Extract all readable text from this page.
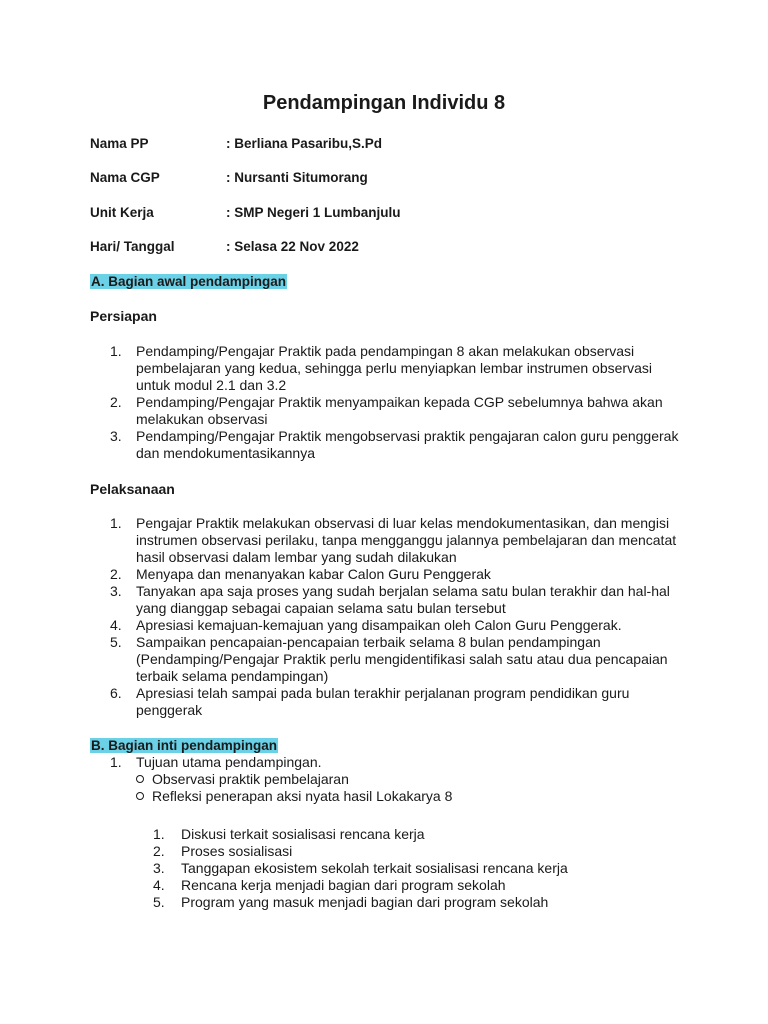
Pendampingan Individu 8
Nama PP	: Berliana Pasaribu,S.Pd
Nama CGP	: Nursanti Situmorang
Unit Kerja	: SMP Negeri 1 Lumbanjulu
Hari/ Tanggal	: Selasa 22 Nov 2022
A. Bagian awal pendampingan
Persiapan
1. Pendamping/Pengajar Praktik pada pendampingan 8 akan melakukan observasi pembelajaran yang kedua, sehingga perlu menyiapkan lembar instrumen observasi untuk modul 2.1 dan 3.2
2. Pendamping/Pengajar Praktik menyampaikan kepada CGP sebelumnya bahwa akan melakukan observasi
3. Pendamping/Pengajar Praktik mengobservasi praktik pengajaran calon guru penggerak dan mendokumentasikannya
Pelaksanaan
1. Pengajar Praktik melakukan observasi di luar kelas mendokumentasikan, dan mengisi instrumen observasi perilaku, tanpa mengganggu jalannya pembelajaran dan mencatat hasil observasi dalam lembar yang sudah dilakukan
2. Menyapa dan menanyakan kabar Calon Guru Penggerak
3. Tanyakan apa saja proses yang sudah berjalan selama satu bulan terakhir dan hal-hal yang dianggap sebagai capaian selama satu bulan tersebut
4. Apresiasi kemajuan-kemajuan yang disampaikan oleh Calon Guru Penggerak.
5. Sampaikan pencapaian-pencapaian terbaik selama 8 bulan pendampingan (Pendamping/Pengajar Praktik perlu mengidentifikasi salah satu atau dua pencapaian terbaik selama pendampingan)
6. Apresiasi telah sampai pada bulan terakhir perjalanan program pendidikan guru penggerak
B. Bagian inti pendampingan
1. Tujuan utama pendampingan.
Observasi praktik pembelajaran
Refleksi penerapan aksi nyata hasil Lokakarya 8
1. Diskusi terkait sosialisasi rencana kerja
2. Proses sosialisasi
3. Tanggapan ekosistem sekolah terkait sosialisasi rencana kerja
4. Rencana kerja menjadi bagian dari program sekolah
5. Program yang masuk menjadi bagian dari program sekolah
